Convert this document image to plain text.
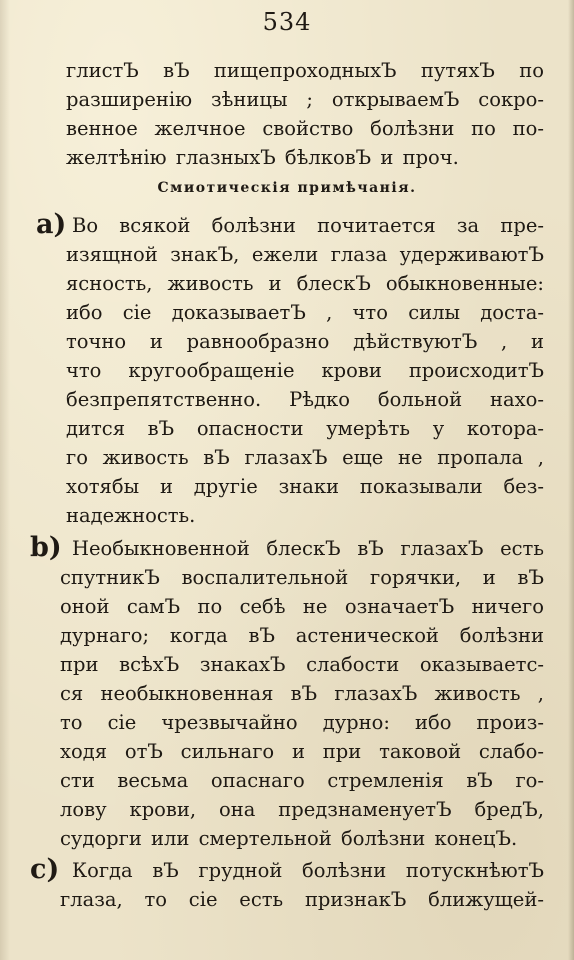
534
глистЪ вЪ пищепроходныхЪ путяхЪ по
разширенію зѣницы ; открываемЪ сокро-
венное желчное свойство болѣзни по по-
желтѣнію глазныхЪ бѣлковЪ и проч.
Смиотическія примѣчанія.
a) Во всякой болѣзни почитается за пре-
изящной знакЪ, ежели глаза удерживаютЪ
ясность, живость и блескЪ обыкновенные:
ибо сіе доказываетЪ , что силы доста-
точно и равнообразно дѣйствуютЪ , и
что кругообращеніе крови происходитЪ
безпрепятственно. Рѣдко больной нахо-
дится вЪ опасности умерѣть у котора-
го живость вЪ глазахЪ еще не пропала ,
хотябы и другіе знаки показывали без-
надежность.
b) Необыкновенной блескЪ вЪ глазахЪ есть
спутникЪ воспалительной горячки, и вЪ
оной самЪ по себѣ не означаетЪ ничего
дурнаго; когда вЪ астенической болѣзни
при всѣхЪ знакахЪ слабости оказываетс-
ся необыкновенная вЪ глазахЪ живость ,
то сіе чрезвычайно дурно: ибо произ-
ходя отЪ сильнаго и при таковой слабо-
сти весьма опаснаго стремленія вЪ го-
лову крови, она предзнаменуетЪ бредЪ,
судорги или смертельной болѣзни конецЪ.
c) Когда вЪ грудной болѣзни потускнѣютЪ
глаза, то сіе есть признакЪ ближущей-
